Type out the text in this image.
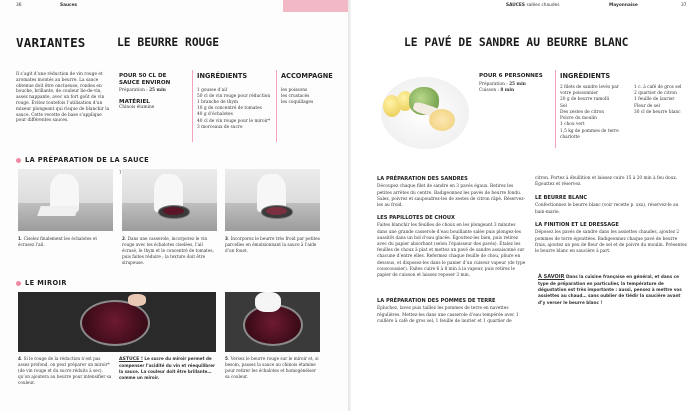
36	Sauces
VARIANTES	LE BEURRE ROUGE
Il s’agit d’une réduction de vin rouge et aromates montés au beurre. La sauce obtenue doit être onctueuse, rondes en bouche, brillante, de couleur lie-de-vin, assez nappante, avec un fort goût de vin rouge. Évitez toutefois l’utilisation d’un mixeur plongeant qui risque de blanchir la sauce. Cette recette de base s’applique pour différentes sauces.
POUR 50 CL DE SAUCE ENVIRON
Préparation : 25 min
MATÉRIEL
Chinois étamine
INGRÉDIENTS
1 gousse d’ail
50 cl de vin rouge pour réduction
1 branche de thym
10 g de concentré de tomates
40 g d’échalotes
40 cl de vin rouge pour le miroir*
3 morceaux de sucre
ACCOMPAGNE
les poissons
les crustacés
les coquillages
LA PRÉPARATION DE LA SAUCE
7
1. Ciselez finalement les échalotes et écrasez l’ail.
2. Dans une casserole, incorporez le vin rouge avec les échalotes ciselées, l’ail écrasé, le thym et le concentré de tomates, puis faites réduire ; la texture doit être sirupeuse.
3. Incorporez le beurre très froid par petites parcelles en émulsionnant la sauce à l’aide d’un fouet.
LE MIROIR
4. Si le rouge de la réduction n’est pas assez profond, on peut préparer un miroir* (de vin rouge et du sucre réduits à sec), qu’on ajoutera au beurre pour intensifier sa couleur.
ASTUCE ! Le sucre du miroir permet de compenser l’acidité du vin et réequilibrer la sauce. La couleur doit être brillante… comme un miroir.
5. Versez le beurre rouge sur le miroir et, si besoin, passez la sauce au chinois étamine pour retirer les échalotes et homogénéiser sa couleur.
SAUCES salées chaudes	Mayonnaise	37
LE PAVÉ DE SANDRE AU BEURRE BLANC
POUR 6 PERSONNES
Préparation : 25 min
Cuisson : 8 min
INGRÉDIENTS
2 filets de sandre levés par votre poissonnier
20 g de beurre ramolli
Sel
Des zestes de citron
Poivre du moulin
1 chou vert
1,5 kg de pommes de terre charlotte
1 c. à café de gros sel
2 quartier de citron
1 feuille de laurier
Fleur de sel
30 cl de beurre blanc
LA PRÉPARATION DES SANDRES
Découpez chaque filet de sandre en 3 pavés égaux. Retirez les petites arrêtes du centre. Badigeonnez les pavés de beurre fondu. Salez, poivrez et saupoudrez-les de zestes de citron râpé. Réservez-les au froid.
LES PAPILLOTES DE CHOUX
Faites blanchir les feuilles de choux en les plongeant 3 minutes dans une grande casserole d’eau bouillante salée puis plongez-les aussitôt dans un bol d’eau glacée. Égouttez-les bien, puis retirez avec du papier absorbant (selon l’épaisseur des pavés). Étalez les feuilles de choux à plat et mettez un pavé de sandre assaisonné sur chacune d’entre elles. Refermez chaque feuille de chou, pliure en dessous, et disposez-les dans le panier d’un cuiseur vapeur (de type couscoussier). Faites cuire 6 à 8 min à la vapeur, puis retirez le papier de cuisson et laissez reposer 3 min.
LA PRÉPARATION DES POMMES DE TERRE
Épluchez, lavez puis taillez les pommes de terre en navettes régulières. Mettez-les dans une casserole d’eau tempérée avec 1 cuillère à café de gros sel, 1 feuille de laurier et 1 quartier de
citron. Portez à ébullition et laissez cuire 15 à 20 min à feu doux. Égouttez et réservez.
LE BEURRE BLANC
Confectionnez le beurre blanc (voir recette p. xxx), réservez-le au bain-marie.
LA FINITION ET LE DRESSAGE
Déposez les pavés de sandre dans les assiettes chaudes, ajoutez 2 pommes de terre égouttées. Badigeonnez chaque pavé de beurre frais, ajoutez un peu de fleur de sel et de poivre du moulin. Présentez le beurre blanc en saucière à part.
À SAVOIR Dans la cuisine française en général, et dans ce type de préparation en particulier, la température de dégustation est très importante : aussi, pensez à mettre vos assiettes au chaud… sans oublier de tiédir la saucière avant d’y verser le beurre blanc !
